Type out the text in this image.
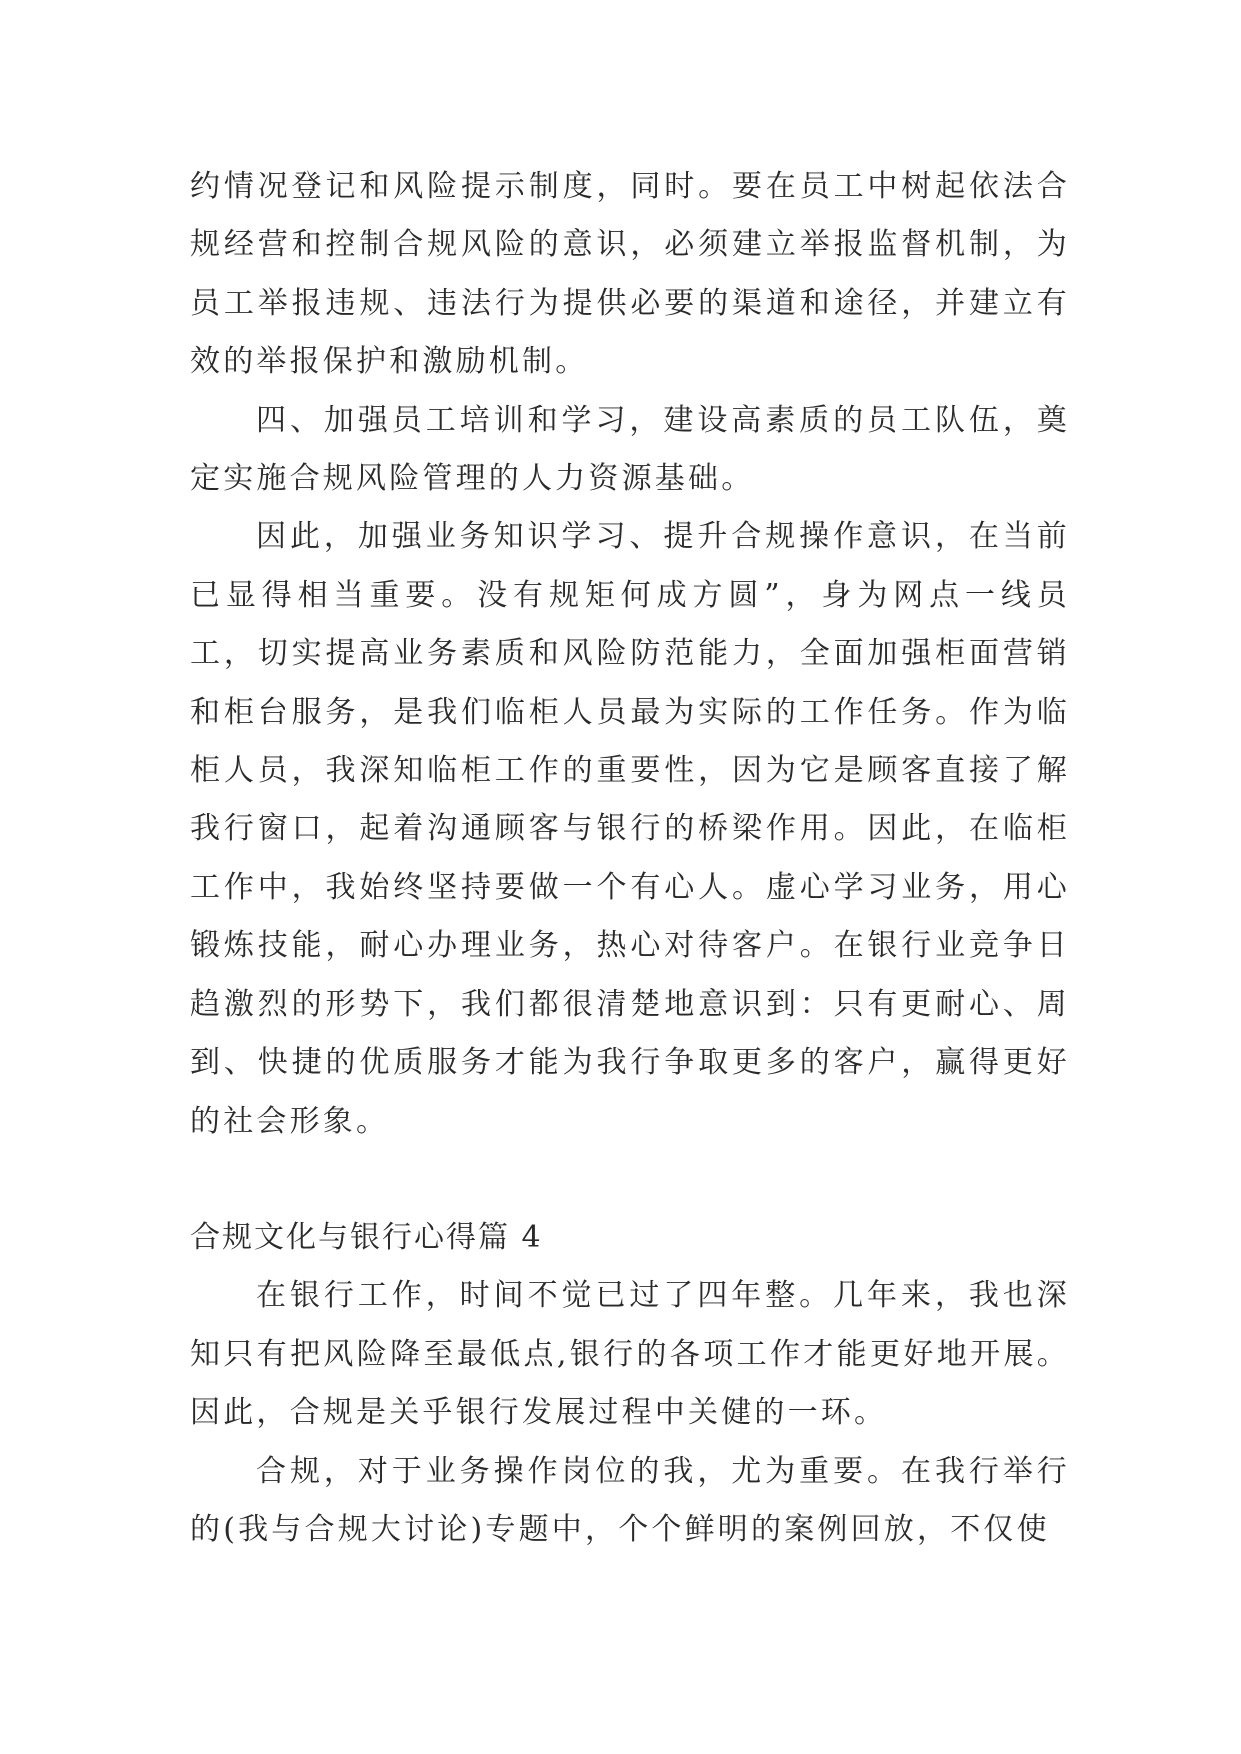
约情况登记和风险提示制度，同时。要在员工中树起依法合规经营和控制合规风险的意识，必须建立举报监督机制，为员工举报违规、违法行为提供必要的渠道和途径，并建立有效的举报保护和激励机制。

四、加强员工培训和学习，建设高素质的员工队伍，奠定实施合规风险管理的人力资源基础。

因此，加强业务知识学习、提升合规操作意识，在当前已显得相当重要。没有规矩何成方圆”，身为网点一线员工，切实提高业务素质和风险防范能力，全面加强柜面营销和柜台服务，是我们临柜人员最为实际的工作任务。作为临柜人员，我深知临柜工作的重要性，因为它是顾客直接了解我行窗口，起着沟通顾客与银行的桥梁作用。因此，在临柜工作中，我始终坚持要做一个有心人。虚心学习业务，用心锻炼技能，耐心办理业务，热心对待客户。在银行业竞争日趋激烈的形势下，我们都很清楚地意识到：只有更耐心、周到、快捷的优质服务才能为我行争取更多的客户，赢得更好的社会形象。

合规文化与银行心得篇 4

在银行工作，时间不觉已过了四年整。几年来，我也深知只有把风险降至最低点,银行的各项工作才能更好地开展。因此，合规是关乎银行发展过程中关健的一环。

合规，对于业务操作岗位的我，尤为重要。在我行举行的(我与合规大讨论)专题中，个个鲜明的案例回放，不仅使
